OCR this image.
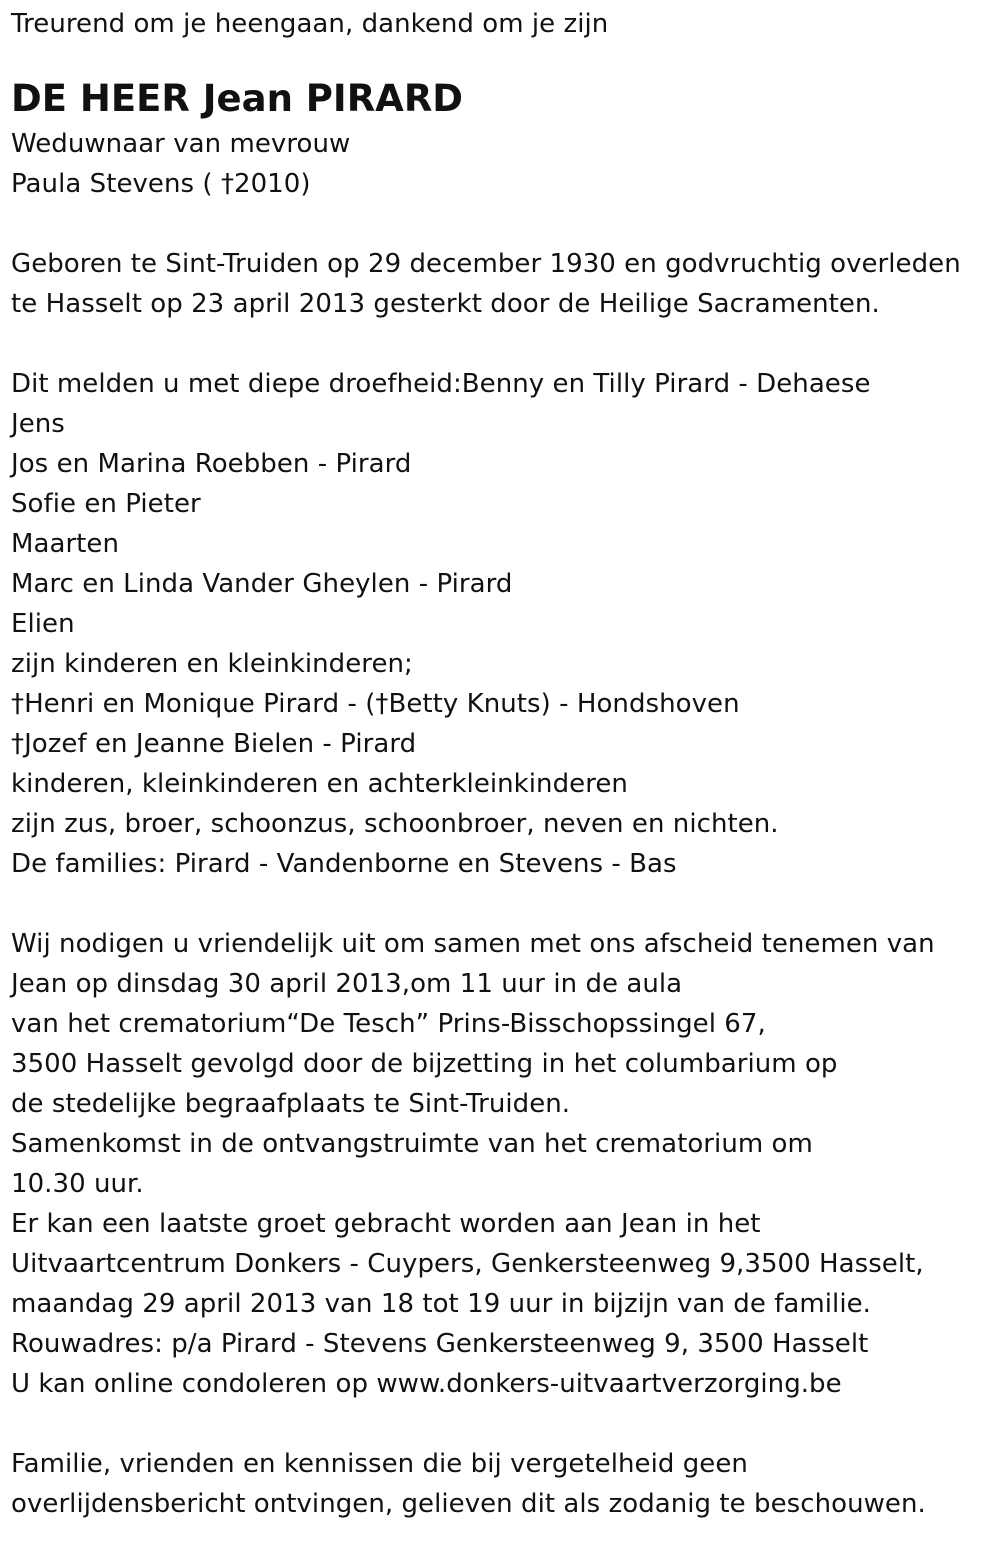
Treurend om je heengaan, dankend om je zijn
DE HEER Jean PIRARD
Weduwnaar van mevrouw
Paula Stevens ( †2010)
Geboren te Sint-Truiden op 29 december 1930 en godvruchtig overleden
te Hasselt op 23 april 2013 gesterkt door de Heilige Sacramenten.
Dit melden u met diepe droefheid:Benny en Tilly Pirard - Dehaese
Jens
Jos en Marina Roebben - Pirard
Sofie en Pieter
Maarten
Marc en Linda Vander Gheylen - Pirard
Elien
zijn kinderen en kleinkinderen;
†Henri en Monique Pirard - (†Betty Knuts) - Hondshoven
†Jozef en Jeanne Bielen - Pirard
kinderen, kleinkinderen en achterkleinkinderen
zijn zus, broer, schoonzus, schoonbroer, neven en nichten.
De families: Pirard - Vandenborne en Stevens - Bas
Wij nodigen u vriendelijk uit om samen met ons afscheid tenemen van
Jean op dinsdag 30 april 2013,om 11 uur in de aula
van het crematorium“De Tesch” Prins-Bisschopssingel 67,
3500 Hasselt gevolgd door de bijzetting in het columbarium op
de stedelijke begraafplaats te Sint-Truiden.
Samenkomst in de ontvangstruimte van het crematorium om
10.30 uur.
Er kan een laatste groet gebracht worden aan Jean in het
Uitvaartcentrum Donkers - Cuypers, Genkersteenweg 9,3500 Hasselt,
maandag 29 april 2013 van 18 tot 19 uur in bijzijn van de familie.
Rouwadres: p/a Pirard - Stevens Genkersteenweg 9, 3500 Hasselt
U kan online condoleren op www.donkers-uitvaartverzorging.be
Familie, vrienden en kennissen die bij vergetelheid geen
overlijdensbericht ontvingen, gelieven dit als zodanig te beschouwen.
